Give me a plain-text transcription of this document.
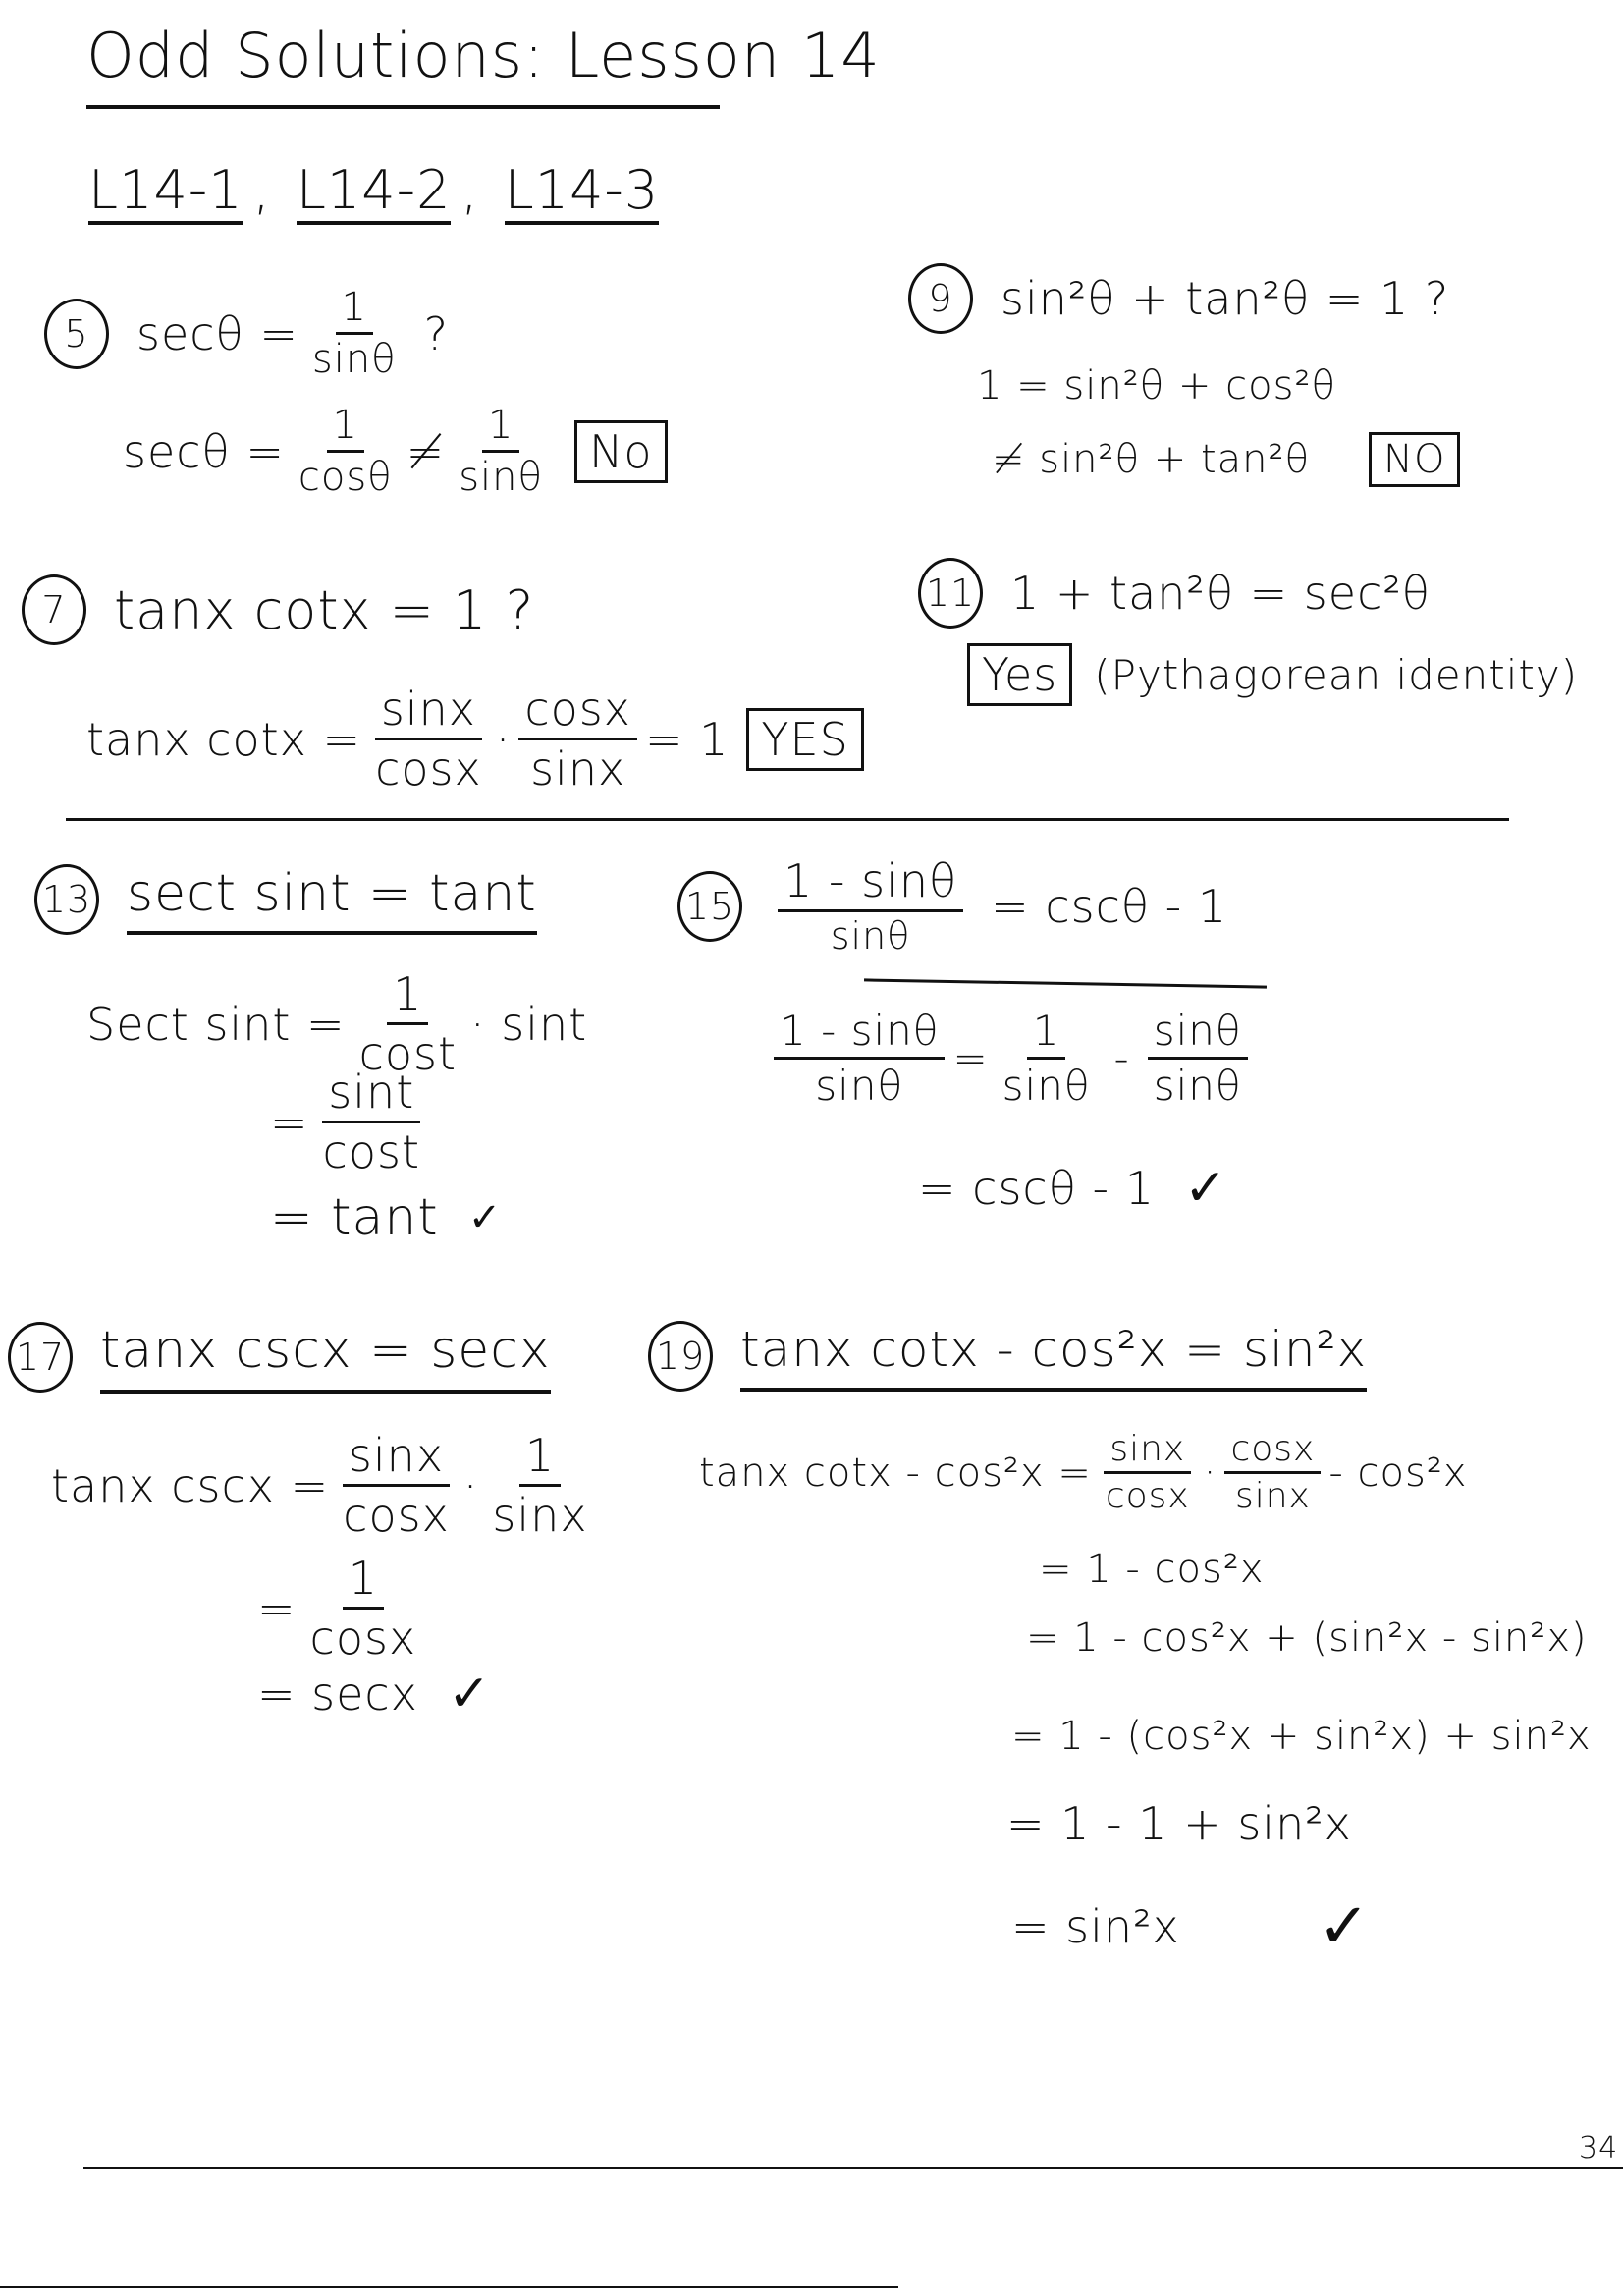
Odd Solutions: Lesson 14
L14-1 , L14-2 , L14-3
5	$\sec\theta = \frac{1}{\sin\theta}$ ?
$\sec\theta = \frac{1}{\cos\theta} \ne \frac{1}{\sin\theta}$ No
9	sin²θ + tan²θ = 1 ?
1 = sin²θ + cos²θ
≠ sin²θ + tan²θ	NO
7 tanx cotx = 1 ?
tanx $\cot x = \frac{\sin x}{\cos x} \cdot \frac{\cos x}{\sin x} = 1$ YES
11 1 + tan²θ = sec²θ
Yes (Pythagorean identity)
13 sect sint = tant
Sect $\sin t = \frac{1}{\cos t} \cdot \sin t$
= $\frac{\sin t}{\cos t}$
= tant ✓
$15 \frac{1 - \sin\theta}{\sin\theta} = \csc\theta - 1$
$\frac{1 - \sin\theta}{\sin\theta} = \frac{1}{\sin\theta} - \frac{\sin\theta}{\sin\theta}$
= cscθ - 1 ✓
17 tanx cscx = secx
tanx $\csc x = \frac{\sin x}{\cos x} \cdot \frac{1}{\sin x}$
= $\frac{1}{\cos x}$
= secx ✓
19 tanx cotx - cos²x = sin²x
tanx $\cot x - \cos^2x = \frac{\sin x}{\cos x} \cdot \frac{\cos x}{\sin x} - \cos^2x$
= 1 - cos²x
= 1 - cos²x + (sin²x - sin²x)
= 1 - (cos²x + sin²x) + sin²x
= 1 - 1 + sin²x
= sin²x ✓
34
